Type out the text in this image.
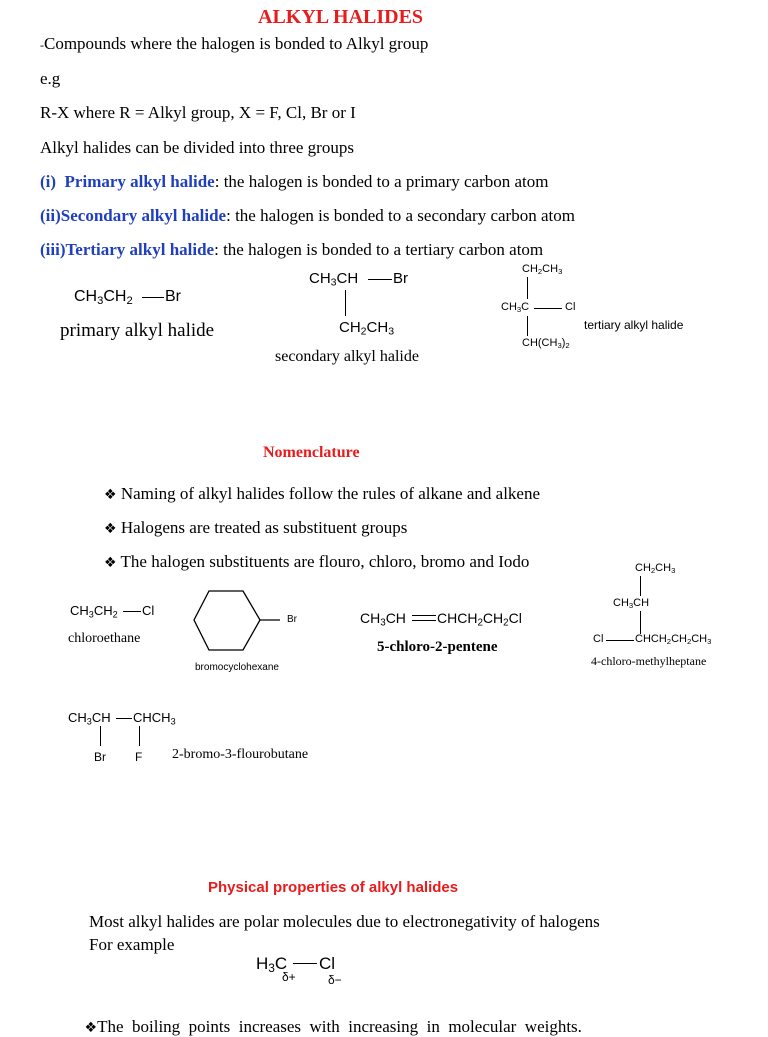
ALKYL HALIDES
-Compounds where the halogen is bonded to Alkyl group
e.g
R-X where R = Alkyl group, X = F, Cl, Br or I
Alkyl halides can be divided into three groups
(i) Primary alkyl halide: the halogen is bonded to a primary carbon atom
(ii)Secondary alkyl halide: the halogen is bonded to a secondary carbon atom
(iii)Tertiary alkyl halide: the halogen is bonded to a tertiary carbon atom
$CH_3CH_2$ Br
primary alkyl halide
$CH_3CH$ Br
$CH_2CH_3$
secondary alkyl halide
$CH_2CH_3$
$CH_3C$	Cl
$CH(CH_3)_2$
tertiary alkyl halide
Nomenclature
❖ Naming of alkyl halides follow the rules of alkane and alkene
❖ Halogens are treated as substituent groups
❖ The halogen substituents are flouro, chloro, bromo and Iodo
$CH_3CH_2$ Cl
chloroethane
Br
bromocyclohexane
$CH_3CH$ $CHCH_2CH_2Cl$
5-chloro-2-pentene
$CH_2CH_3$
$CH_3CH$
Cl	$CHCH_2CH_2CH_3$
4-chloro-methylheptane
$CH_3CH$ $CHCH_3$
Br F 2-bromo-3-flourobutane
Physical properties of alkyl halides
Most alkyl halides are polar molecules due to electronegativity of halogens
For example
$H_3C$ Cl
δ+	δ−

❖The  boiling  points  increases  with  increasing  in  molecular  weights.
